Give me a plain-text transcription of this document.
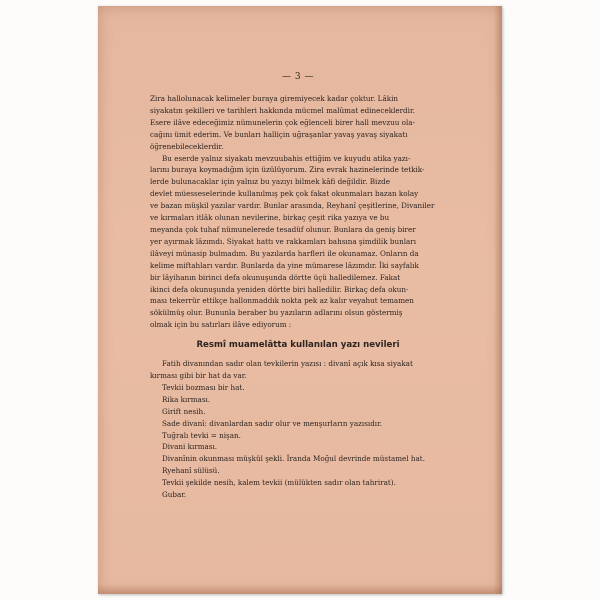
— 3 —
Zira hallolunacak kelimeler buraya giremiyecek kadar çoktur. Lâkin
siyakatın şekilleri ve tarihleri hakkında mücmel malûmat edineceklerdir.
Esere ilâve edeceğimiz nümunelerin çok eğlenceli birer hall mevzuu ola-
cağını ümit ederim. Ve bunları halliçin uğraşanlar yavaş yavaş siyakatı
öğrenebileceklerdir.
Bu eserde yalnız siyakatı mevzuubahis ettiğim ve kuyudu atika yazı-
larını buraya koymadığım için üzülüyorum. Zira evrak hazinelerinde tetkik-
lerde bulunacaklar için yalnız bu yazıyı bilmek kâfi değildir. Bizde
devlet müesseselerinde kullanılmış pek çok fakat okunmaları bazan kolay
ve bazan müşkil yazılar vardır. Bunlar arasında, Reyhanî çeşitlerine, Divaniler
ve kırmaları itlâk olunan nevilerine, birkaç çeşit rika yazıya ve bu
meyanda çok tuhaf nümunelerede tesadüf olunur. Bunlara da geniş birer
yer ayırmak lâzımdı. Siyakat hattı ve rakkamları bahsına şimdilik bunları
ilâveyi münasip bulmadım. Bu yazılarda harfleri ile okunamaz. Onların da
kelime miftahları vardır. Bunlarda da yine mümarese lâzımdır. İki sayfalık
bir lâyihanın birinci defa okunuşunda dörtte üçü halledilemez. Fakat
ikinci defa okunuşunda yeniden dörtte biri halledilir. Birkaç defa okun-
ması tekerrür ettikçe hallonmaddık nokta pek az kalır veyahut temamen
sökülmüş olur. Bununla beraber bu yazıların adlarını olsun göstermiş
olmak için bu satırları ilâve ediyorum :
Resmî muamelâtta kullanılan yazı nevileri
Fatih divanından sadır olan tevkilerin yazısı : divanî açık kısa siyakat
kırması gibi bir hat da var.
Tevkii bozması bir hat.
Rika kırması.
Girift nesih.
Sade divanî: divanlardan sadır olur ve menşurların yazısıdır.
Tuğralı tevki = nişan.
Divani kırması.
Divanînin okunması müşkül şekli. İranda Moğul devrinde müstamel hat.
Ryehanî sülüsü.
Tevkii şekilde nesih, kalem tevkii (mülükten sadır olan tahrirat).
Gubar.
